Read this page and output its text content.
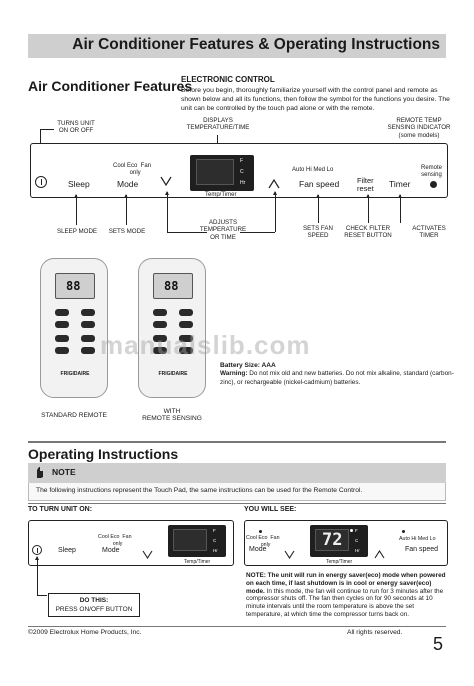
Air Conditioner Features & Operating Instructions
Air Conditioner Features
ELECTRONIC CONTROL
Before you begin, thoroughly familiarize yourself with the control panel and remote as shown below and all its functions, then follow the symbol for the functions you desire. The unit can be controlled by the touch pad alone or with the remote.
TURNS UNIT
ON OR OFF
DISPLAYS
TEMPERATURE/TIME
REMOTE TEMP
SENSING INDICATOR
(some models)
Sleep
Cool Eco  Fan
only
Mode
F
C
Hr
Temp/Timer
Auto Hi Med Lo
Fan speed Filter
reset Timer
Remote
sensing
SLEEP MODE	SETS MODE
ADJUSTS
TEMPERATURE
OR TIME
SETS FAN
SPEED
CHECK FILTER
RESET BUTTON
ACTIVATES
TIMER
88
FRIGIDAIRE
88
FRIGIDAIRE
STANDARD REMOTE
WITH
REMOTE SENSING
manualslib.com
Battery Size: AAA
Warning: Do not mix old and new batteries. Do not mix alkaline, standard (carbon-zinc), or rechargeable (nickel-cadmium) batteries.
Operating Instructions
NOTE
The following instructions represent the Touch Pad, the same instructions can be used for the Remote Control.
TO TURN UNIT ON:	YOU WILL SEE:
Sleep
Cool Eco  Fan
only
Mode
F
C
Hr
Temp/Timer
DO THIS:
PRESS ON/OFF BUTTON
Cool Eco  Fan
only
Mode	72	F
C
Hr
Temp/Timer
Auto Hi Med Lo
Fan speed
NOTE: The unit will run in energy saver(eco) mode when powered on each time, if last shutdown is in cool or energy saver(eco) mode. In this mode, the fan will continue to run for 3 minutes after the compressor shuts off. The fan then cycles on for 90 seconds at 10 minute intervals until the room temperature is above the set temperature, at which time the compressor turns back on.
©2009 Electrolux Home Products, Inc.	All rights reserved.
5
